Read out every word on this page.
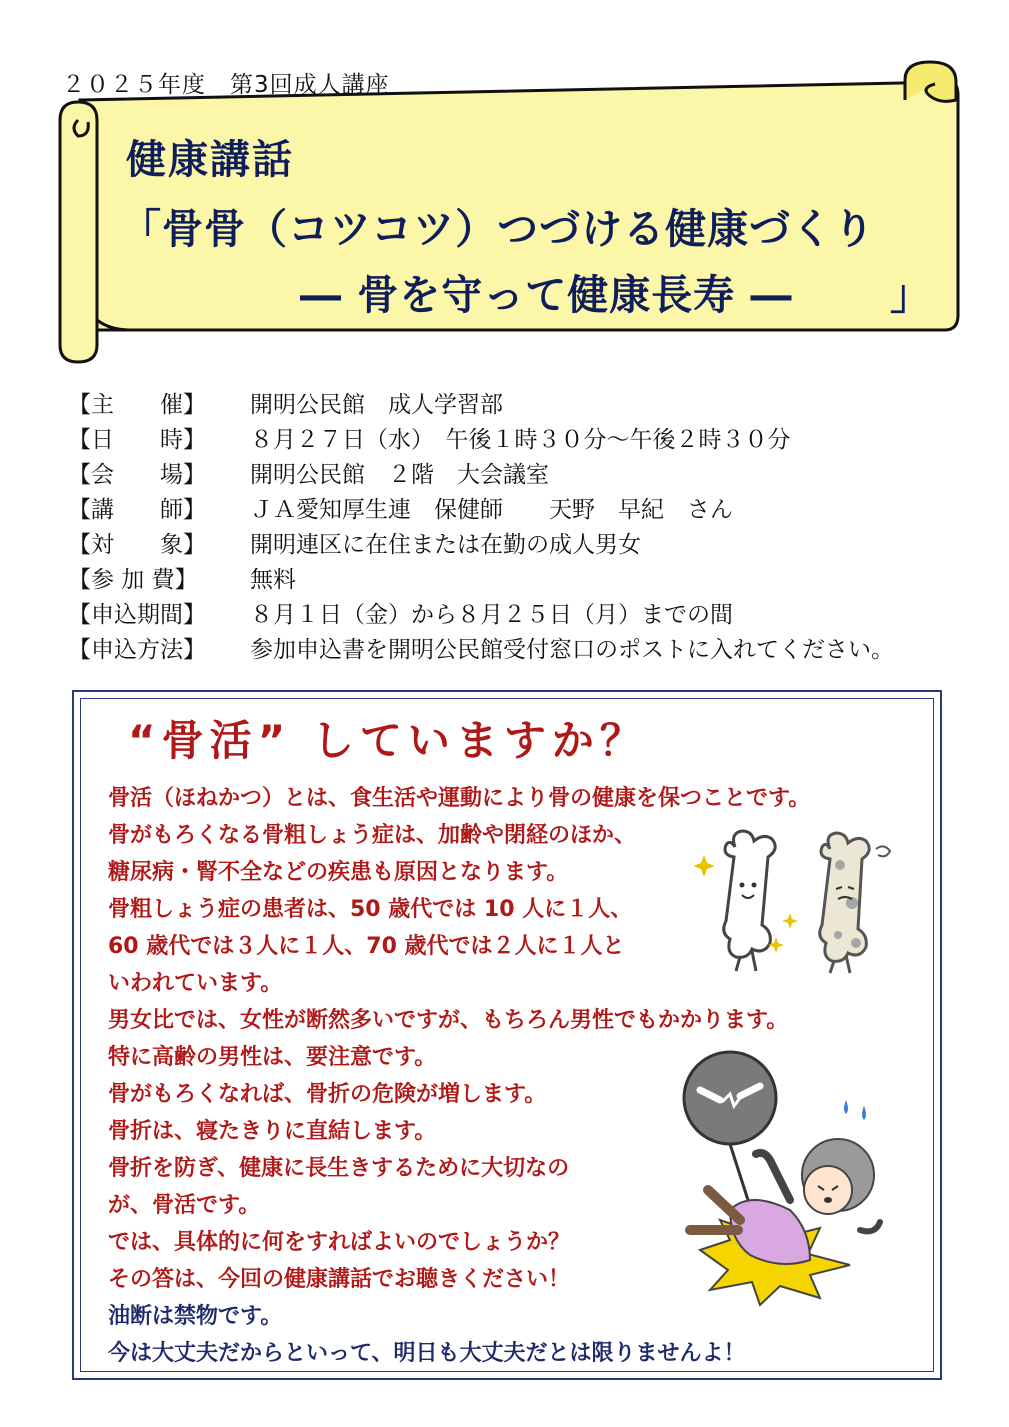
２０２５年度　第3回成人講座
健康講話
「骨骨（コツコツ）つづける健康づくり
― 骨を守って健康長寿 ― 」
【主　　催】	開明公民館　成人学習部
【日　　時】	８月２７日（水）　午後１時３０分～午後２時３０分
【会　　場】	開明公民館　２階　大会議室
【講　　師】	ＪＡ愛知厚生連　保健師　　天野　早紀　さん
【対　　象】	開明連区に在住または在勤の成人男女
【参 加 費】	無料
【申込期間】	８月１日（金）から８月２５日（月）までの間
【申込方法】	参加申込書を開明公民館受付窓口のポストに入れてください。
“骨活” していますか？
骨活（ほねかつ）とは、食生活や運動により骨の健康を保つことです。
骨がもろくなる骨粗しょう症は、加齢や閉経のほか、
糖尿病・腎不全などの疾患も原因となります。
骨粗しょう症の患者は、50 歳代では 10 人に１人、
60 歳代では３人に１人、70 歳代では２人に１人と
いわれています。
男女比では、女性が断然多いですが、もちろん男性でもかかります。
特に高齢の男性は、要注意です。
骨がもろくなれば、骨折の危険が増します。
骨折は、寝たきりに直結します。
骨折を防ぎ、健康に長生きするために大切なの
が、骨活です。
では、具体的に何をすればよいのでしょうか？
その答は、今回の健康講話でお聴きください！
油断は禁物です。
今は大丈夫だからといって、明日も大丈夫だとは限りませんよ！
